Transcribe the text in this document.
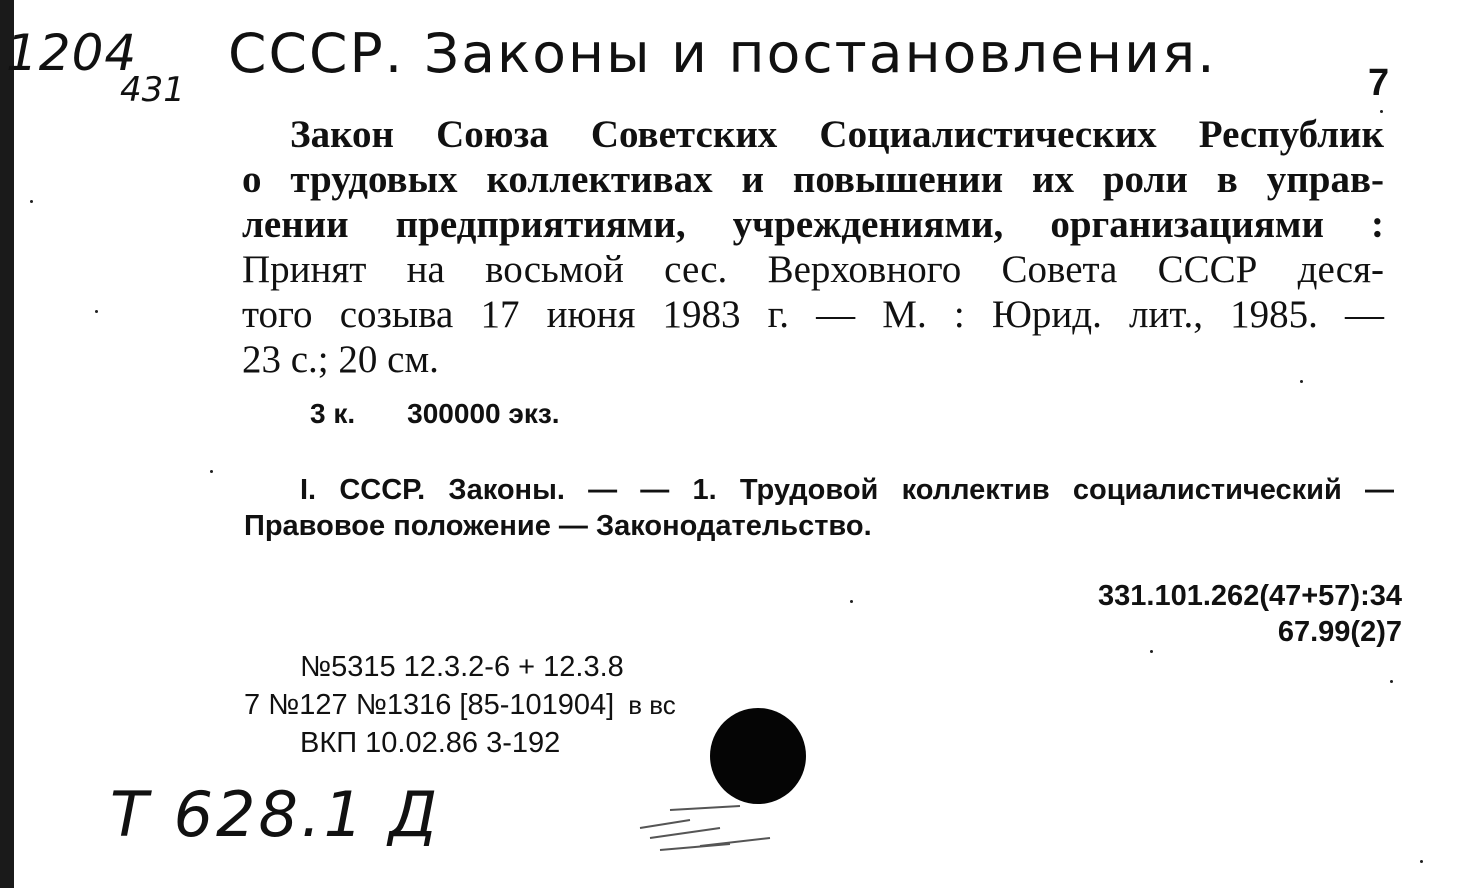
1204
431
СССР. Законы и постановления.	7
Закон Союза Советских Социалистических Республик
о трудовых коллективах и повышении их роли в управ-
лении предприятиями, учреждениями, организациями :
Принят на восьмой сес. Верховного Совета СССР деся-
того созыва 17 июня 1983 г. — М. : Юрид. лит., 1985. —
23 с.; 20 см.
3 к. 300000 экз.
I. СССР. Законы. — — 1. Трудовой коллектив социалистический —
Правовое положение — Законодательство.
331.101.262(47+57):34
67.99(2)7
№5315 12.3.2-6 + 12.3.8
7 №127 №1316 [85-101904] в вс
ВКП 10.02.86 3-192
Т 628.1 Д
